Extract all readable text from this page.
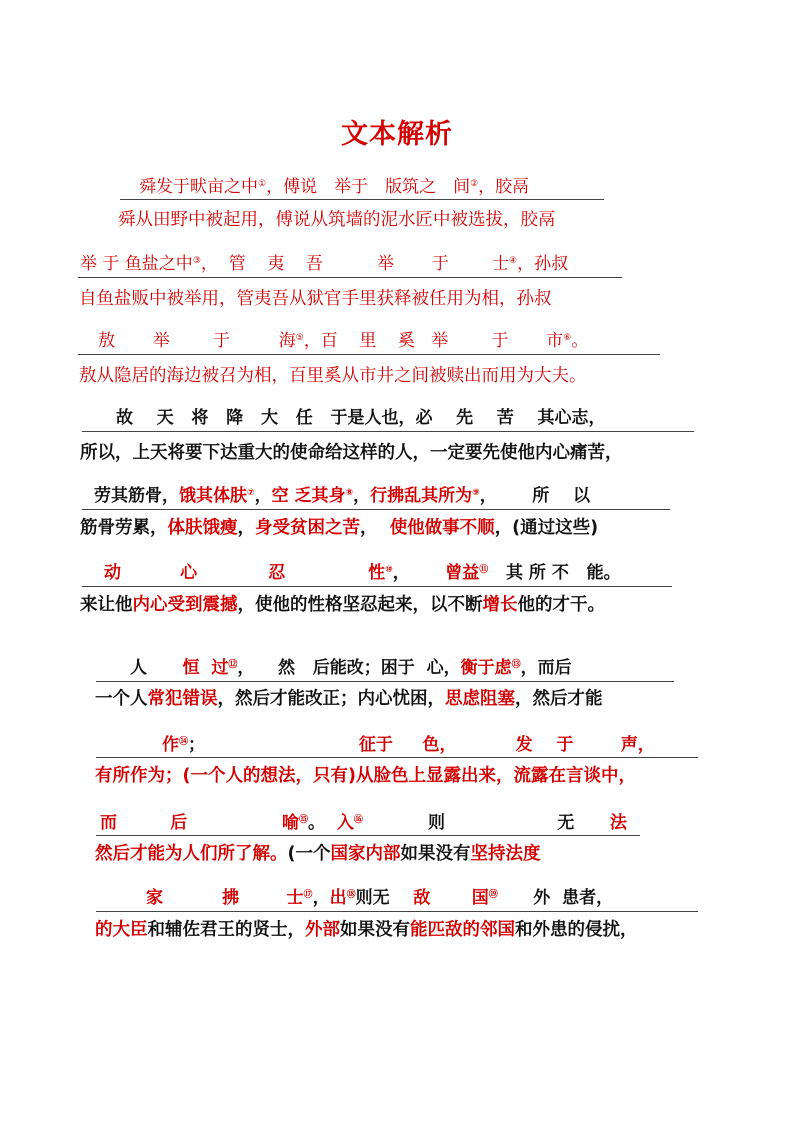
文本解析
舜发于畎亩之中①，傅说　举于　版筑之　间②，胶鬲
舜从田野中被起用，傅说从筑墙的泥水匠中被选拔，胶鬲
举 于 鱼盐之中③，  管    夷    吾          举       于        士④，孙叔
自鱼盐贩中被举用，管夷吾从狱官手里获释被任用为相，孙叔
敖       举        于         海⑤，百    里    奚   举        于       市⑥。
敖从隐居的海边被召为相，百里奚从市井之间被赎出而用为大夫。
故    天   将   降   大   任   于是人也，必    先    苦    其心志，
所以，上天将要下达重大的使命给这样的人，一定要先使他内心痛苦，
劳其筋骨，饿其体肤⑦，空 乏其身⑧，行拂乱其所为⑨，      所    以
筋骨劳累，体肤饿瘦，身受贫困之苦，  使他做事不顺，(通过这些)
动          心            忍              性⑩，      曾益⑪   其 所 不   能。
来让他内心受到震撼，使他的性格坚忍起来，以不断增长他的才干。
人      恒  过⑫，    然   后能改；困于  心，衡于虑⑬，而后
一个人常犯错误，然后才能改正；内心忧困，思虑阻塞，然后才能
作⑭；                          征于     色，          发    于        声，
有所作为；(一个人的想法，只有)从脸色上显露出来，流露在言谈中，
而         后                喻⑮。  入⑯           则                   无      法
然后才能为人们所了解。(一个国家内部如果没有坚持法度
家          拂        士⑰，出⑱则无    敌       国⑲      外  患者，
的大臣和辅佐君王的贤士，外部如果没有能匹敌的邻国和外患的侵扰，
